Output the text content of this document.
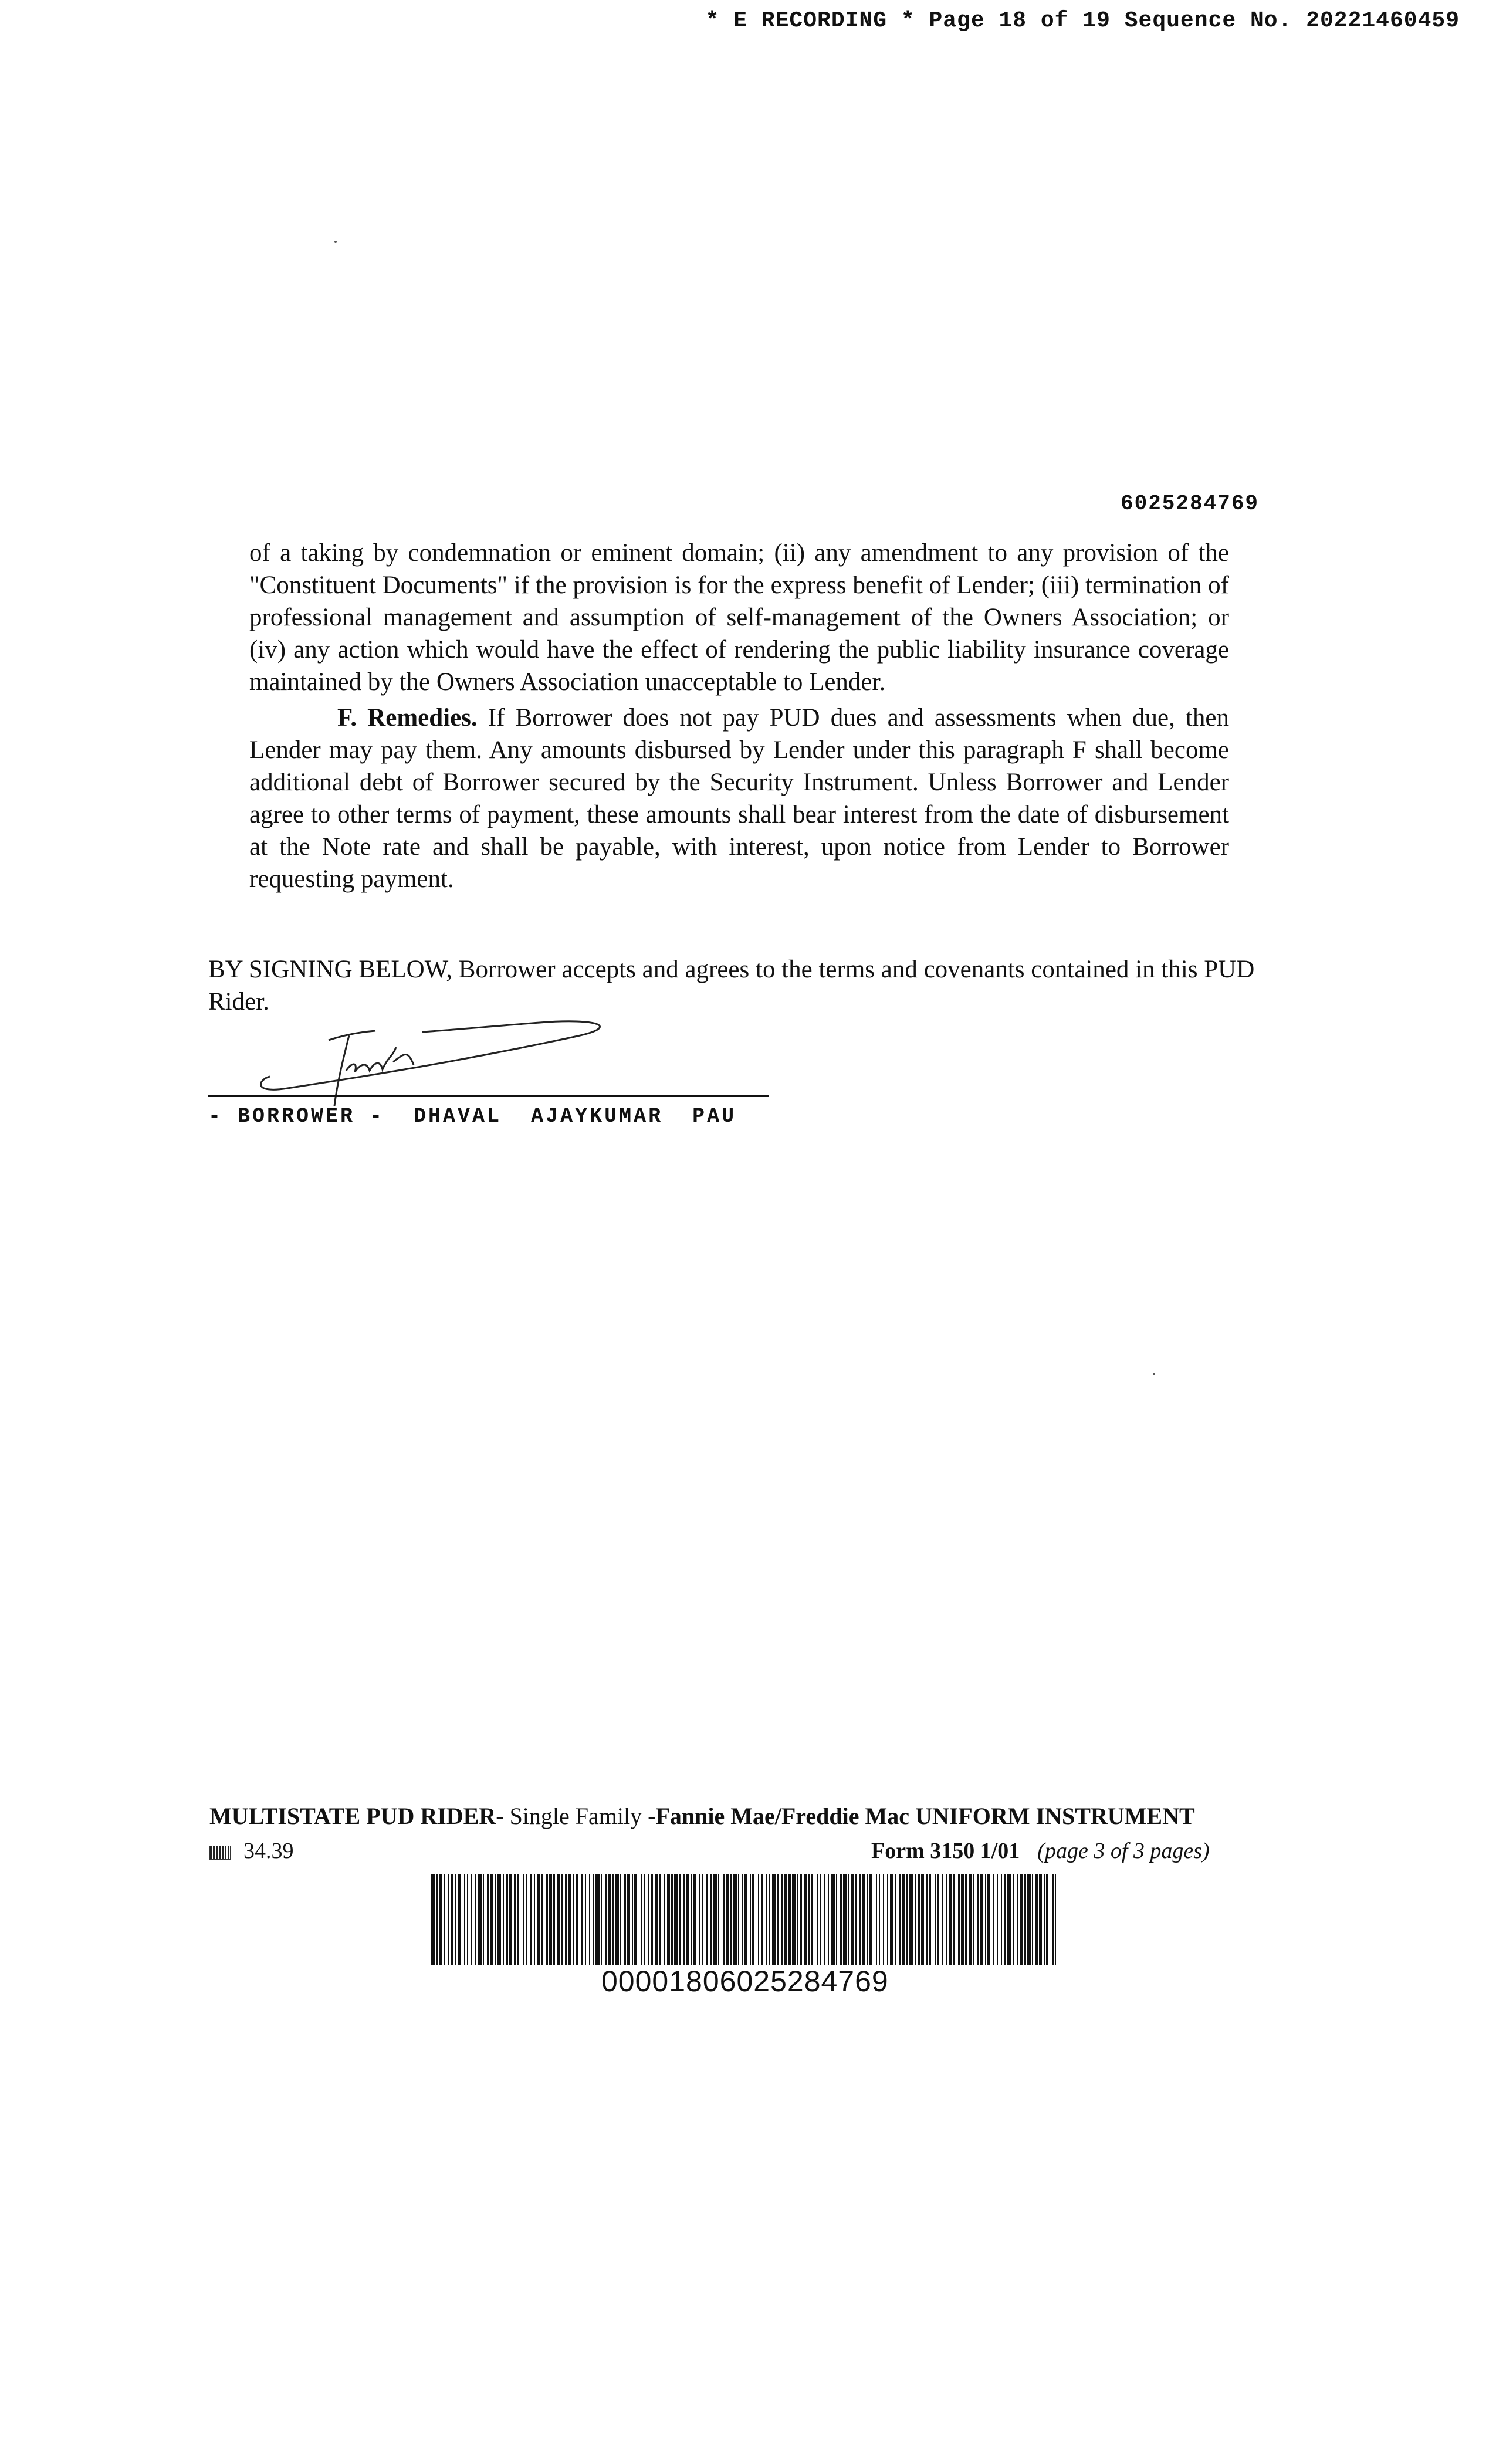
* E RECORDING * Page 18 of 19 Sequence No. 20221460459
6025284769
of a taking by condemnation or eminent domain; (ii) any amendment to any provision of the "Constituent Documents" if the provision is for the express benefit of Lender; (iii) termination of professional management and assumption of self-management of the Owners Association; or (iv) any action which would have the effect of rendering the public liability insurance coverage maintained by the Owners Association unacceptable to Lender.
F. Remedies. If Borrower does not pay PUD dues and assessments when due, then Lender may pay them. Any amounts disbursed by Lender under this paragraph F shall become additional debt of Borrower secured by the Security Instrument. Unless Borrower and Lender agree to other terms of payment, these amounts shall bear interest from the date of disbursement at the Note rate and shall be payable, with interest, upon notice from Lender to Borrower requesting payment.
BY SIGNING BELOW, Borrower accepts and agrees to the terms and covenants contained in this PUD Rider.
- BORROWER -  DHAVAL  AJAYKUMAR  PAU
MULTISTATE PUD RIDER- Single Family -Fannie Mae/Freddie Mac UNIFORM INSTRUMENT
34.39	Form 3150 1/01 (page 3 of 3 pages)
00001806025284769
